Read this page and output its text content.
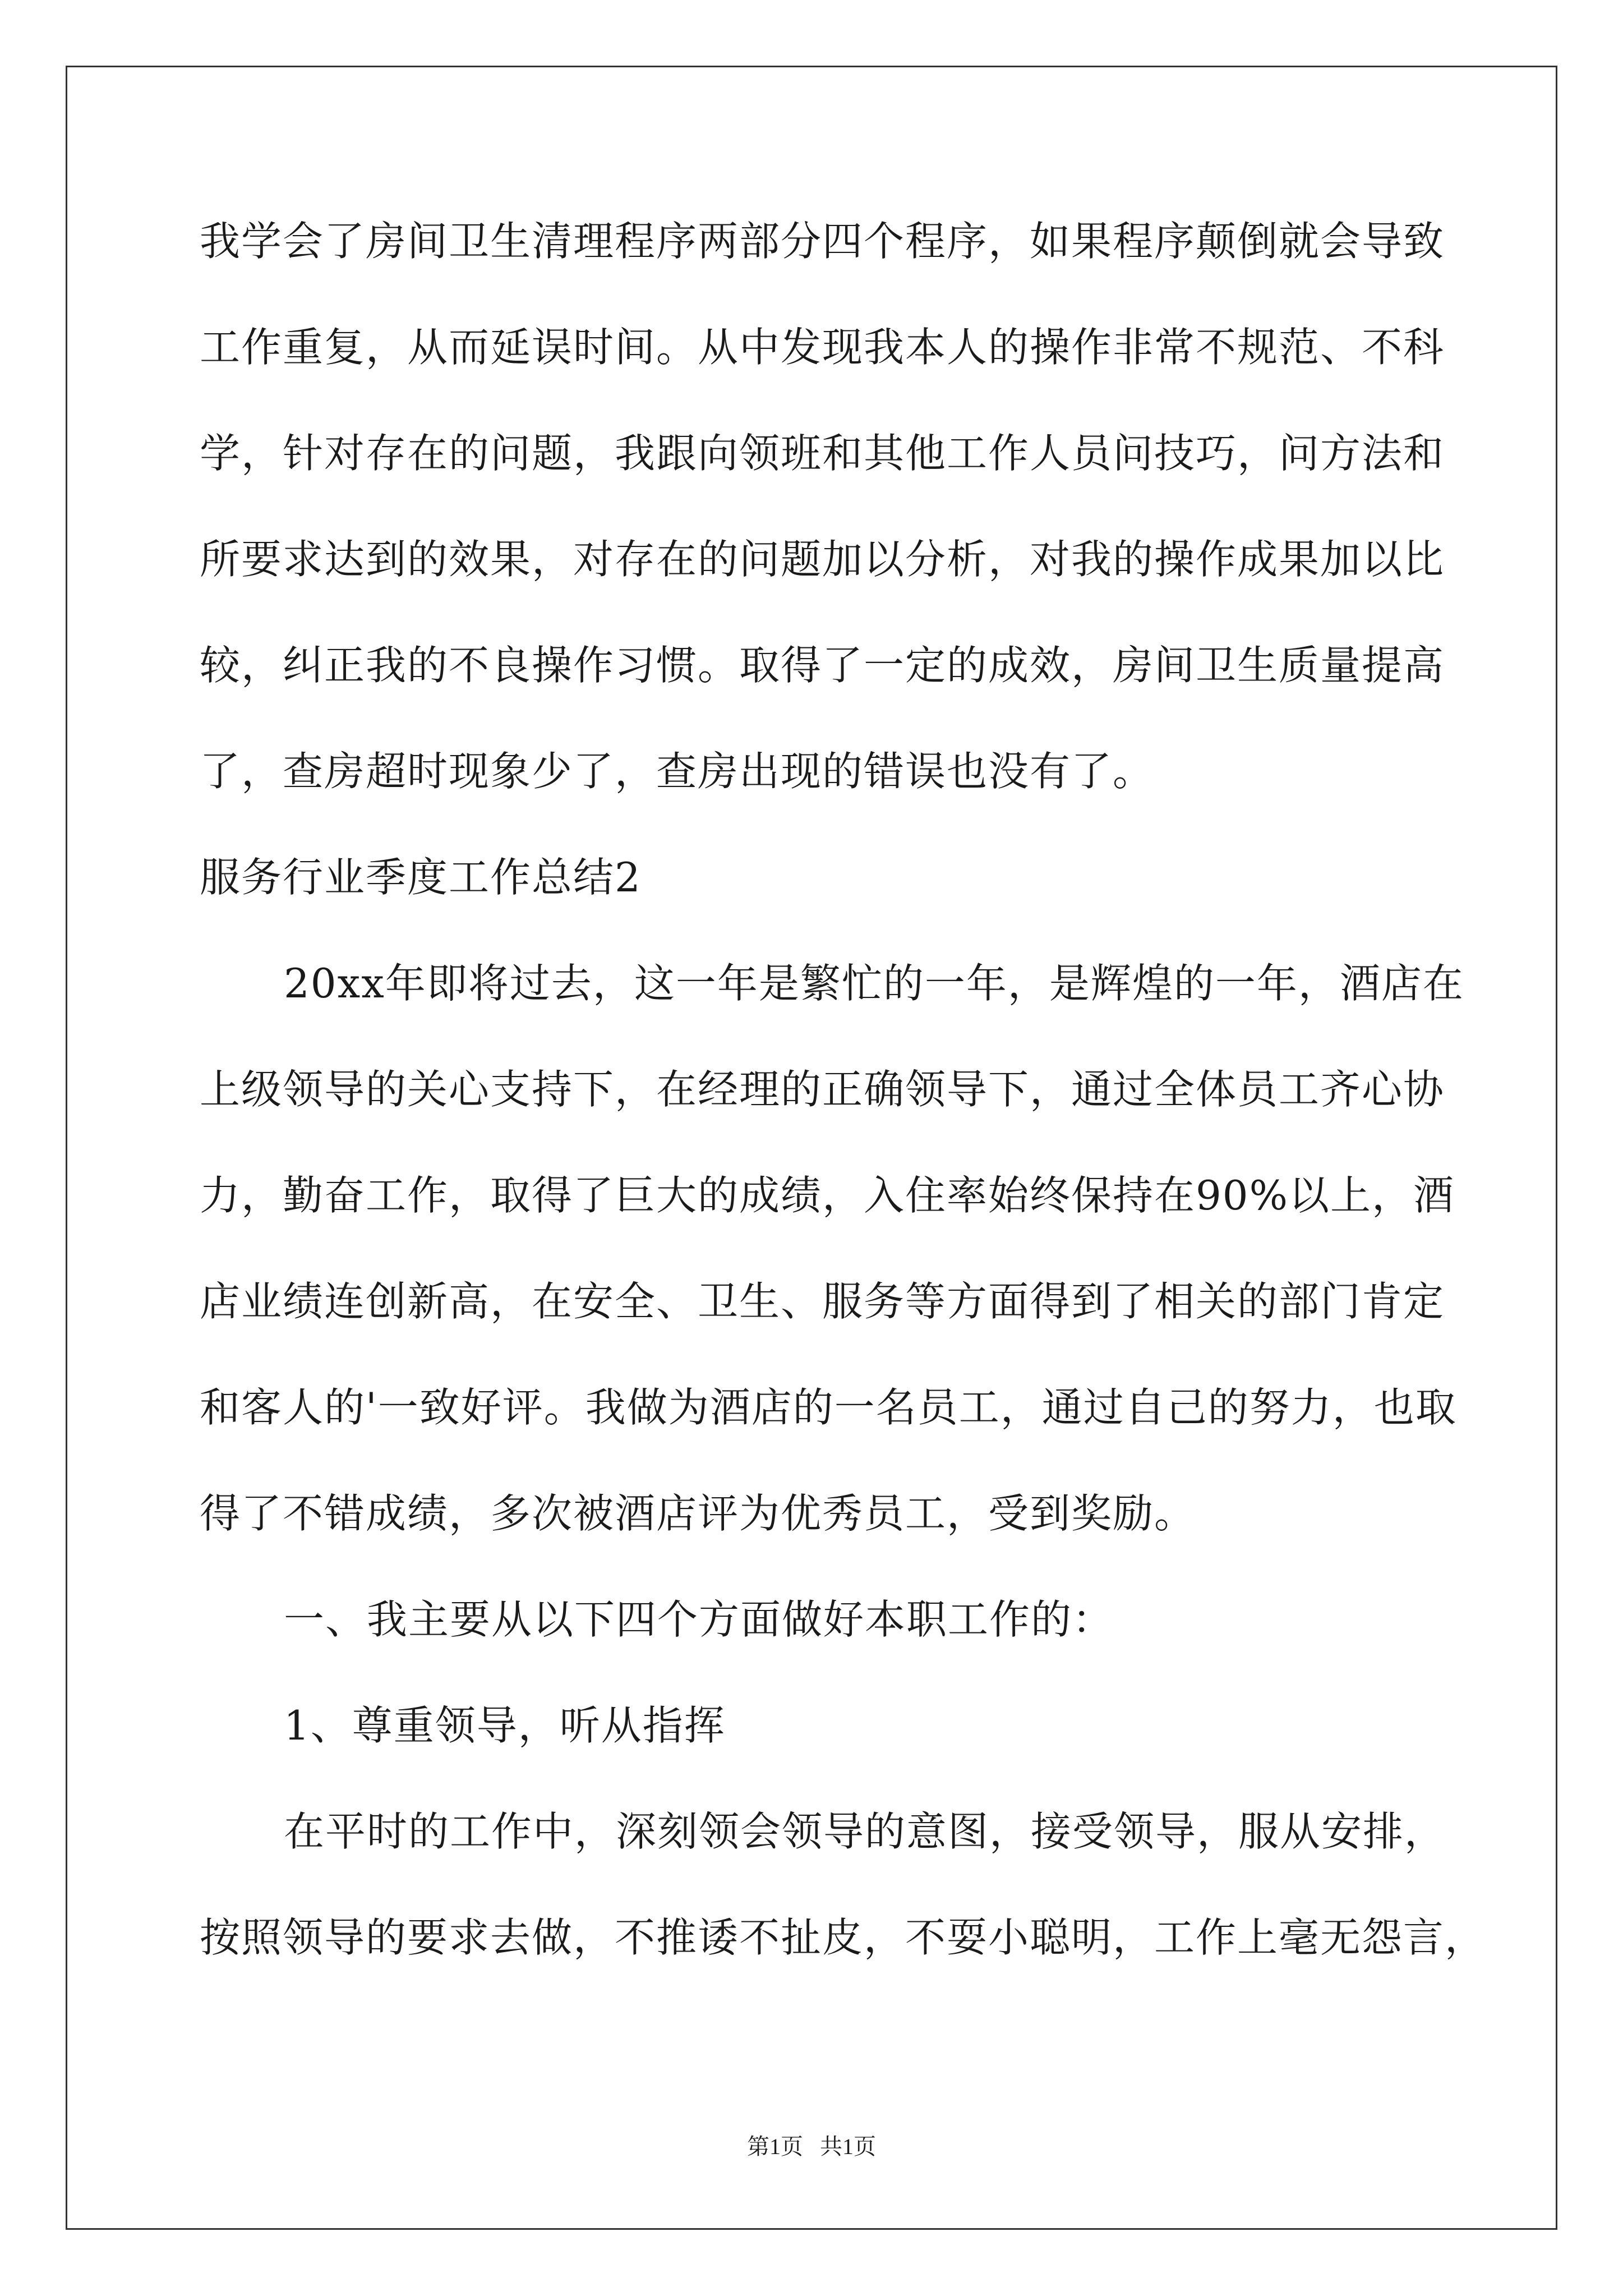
我学会了房间卫生清理程序两部分四个程序，如果程序颠倒就会导致
工作重复，从而延误时间。从中发现我本人的操作非常不规范、不科
学，针对存在的问题，我跟向领班和其他工作人员问技巧，问方法和
所要求达到的效果，对存在的问题加以分析，对我的操作成果加以比
较，纠正我的不良操作习惯。取得了一定的成效，房间卫生质量提高
了，查房超时现象少了，查房出现的错误也没有了。
服务行业季度工作总结2
20xx年即将过去，这一年是繁忙的一年，是辉煌的一年，酒店在
上级领导的关心支持下，在经理的正确领导下，通过全体员工齐心协
力，勤奋工作，取得了巨大的成绩，入住率始终保持在90%以上，酒
店业绩连创新高，在安全、卫生、服务等方面得到了相关的部门肯定
和客人的'一致好评。我做为酒店的一名员工，通过自己的努力，也取
得了不错成绩，多次被酒店评为优秀员工，受到奖励。
一、我主要从以下四个方面做好本职工作的：
1、尊重领导，听从指挥
在平时的工作中，深刻领会领导的意图，接受领导，服从安排，
按照领导的要求去做，不推诿不扯皮，不耍小聪明，工作上毫无怨言，
第1页   共1页
